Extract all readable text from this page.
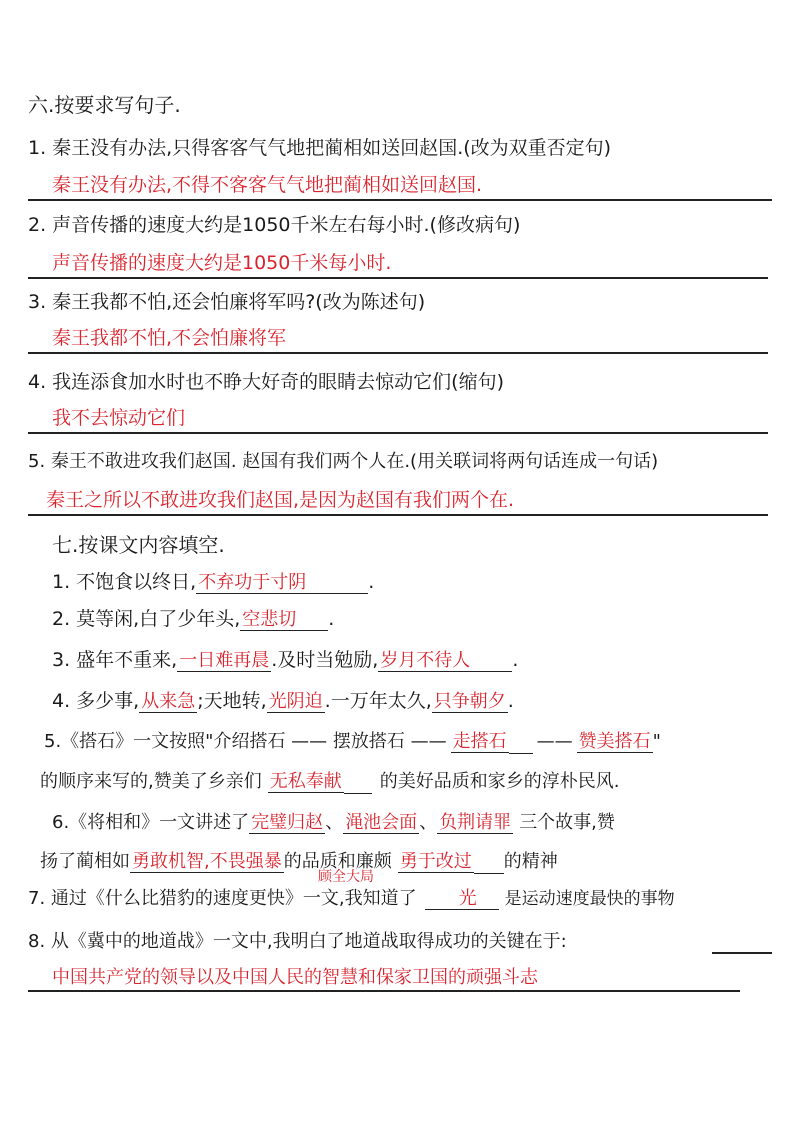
六.按要求写句子.
1. 秦王没有办法,只得客客气气地把蔺相如送回赵国.(改为双重否定句)
秦王没有办法,不得不客客气气地把蔺相如送回赵国.
2. 声音传播的速度大约是1050千米左右每小时.(修改病句)
声音传播的速度大约是1050千米每小时.
3. 秦王我都不怕,还会怕廉将军吗?(改为陈述句)
秦王我都不怕,不会怕廉将军
4. 我连添食加水时也不睁大好奇的眼睛去惊动它们(缩句)
我不去惊动它们
5. 秦王不敢进攻我们赵国. 赵国有我们两个人在.(用关联词将两句话连成一句话)
秦王之所以不敢进攻我们赵国,是因为赵国有我们两个在.
七.按课文内容填空.
1. 不饱食以终日, 不弃功于寸阴	.
2. 莫等闲,白了少年头, 空悲切 .
3. 盛年不重来, 一日难再晨 .及时当勉励, 岁月不待人 .
4. 多少事, 从来急 ;天地转, 光阴迫 .一万年太久, 只争朝夕 .
5.《搭石》一文按照"介绍搭石 —— 摆放搭石 —— 走搭石 —— 赞美搭石 "
的顺序来写的,赞美了乡亲们 无私奉献 的美好品质和家乡的淳朴民风.
6.《将相和》一文讲述了 完璧归赵 、 渑池会面 、 负荆请罪 三个故事,赞
扬了蔺相如 勇敢机智,不畏强暴 的品质和廉颇 勇于改过 的精神
顾全大局
7. 通过《什么比猎豹的速度更快》一文,我知道了 光 是运动速度最快的事物
8. 从《冀中的地道战》一文中,我明白了地道战取得成功的关键在于:
中国共产党的领导以及中国人民的智慧和保家卫国的顽强斗志
